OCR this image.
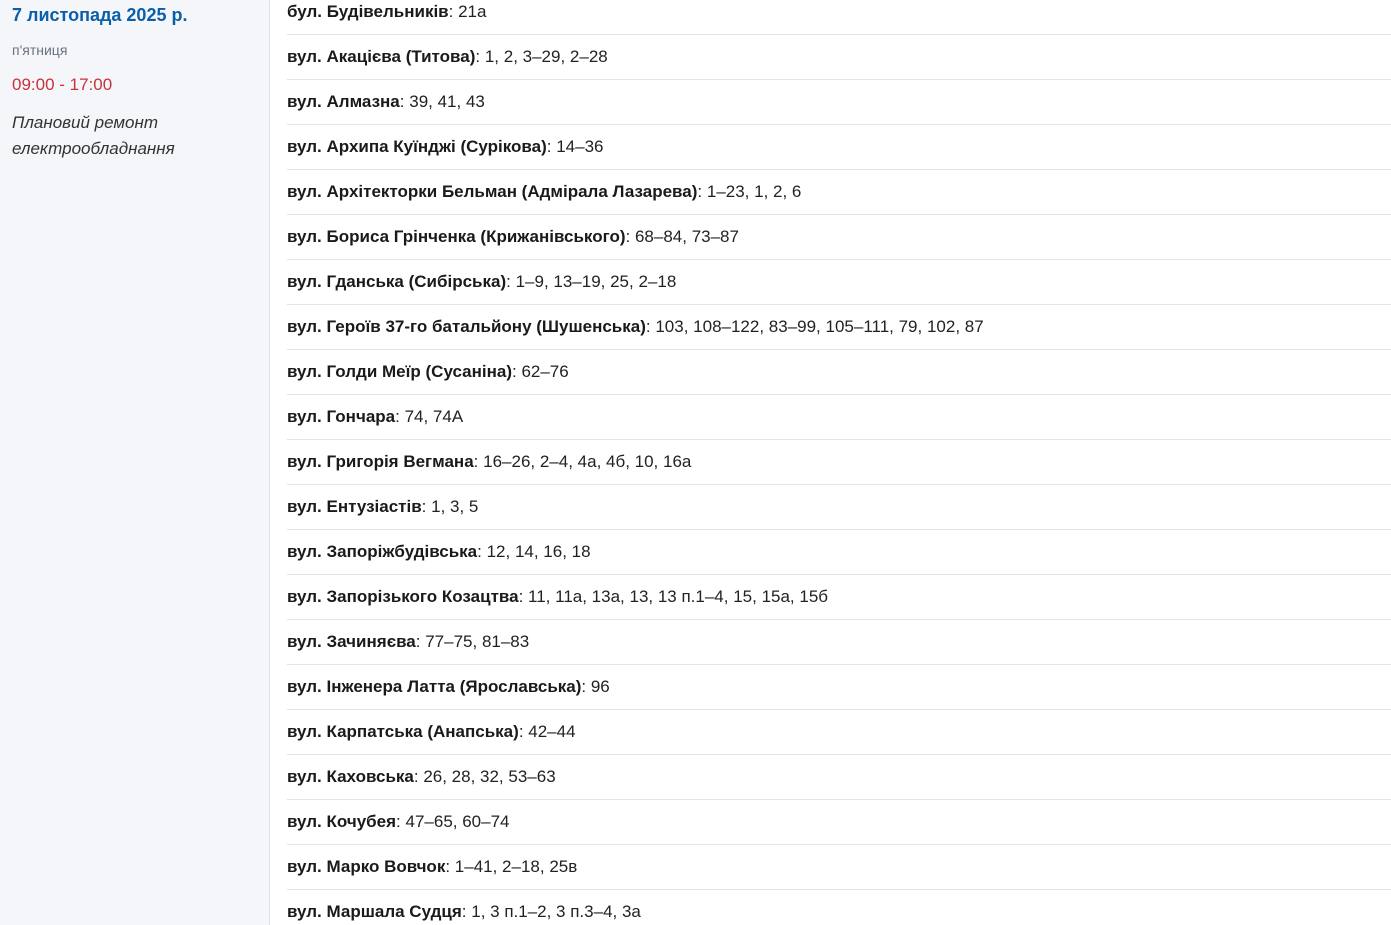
7 листопада 2025 р.
п'ятниця
09:00 - 17:00
Плановий ремонт електрообладнання
бул. Будівельників: 21а
вул. Акацієва (Титова): 1, 2, 3–29, 2–28
вул. Алмазна: 39, 41, 43
вул. Архипа Куїнджі (Сурікова): 14–36
вул. Архітекторки Бельман (Адмірала Лазарева): 1–23, 1, 2, 6
вул. Бориса Грінченка (Крижанівського): 68–84, 73–87
вул. Гданська (Сибірська): 1–9, 13–19, 25, 2–18
вул. Героїв 37-го батальйону (Шушенська): 103, 108–122, 83–99, 105–111, 79, 102, 87
вул. Голди Меїр (Сусаніна): 62–76
вул. Гончара: 74, 74А
вул. Григорія Вегмана: 16–26, 2–4, 4а, 4б, 10, 16а
вул. Ентузіастів: 1, 3, 5
вул. Запоріжбудівська: 12, 14, 16, 18
вул. Запорізького Козацтва: 11, 11а, 13а, 13, 13 п.1–4, 15, 15а, 15б
вул. Зачиняєва: 77–75, 81–83
вул. Інженера Латта (Ярославська): 96
вул. Карпатська (Анапська): 42–44
вул. Каховська: 26, 28, 32, 53–63
вул. Кочубея: 47–65, 60–74
вул. Марко Вовчок: 1–41, 2–18, 25в
вул. Маршала Судця: 1, 3 п.1–2, 3 п.3–4, 3а
